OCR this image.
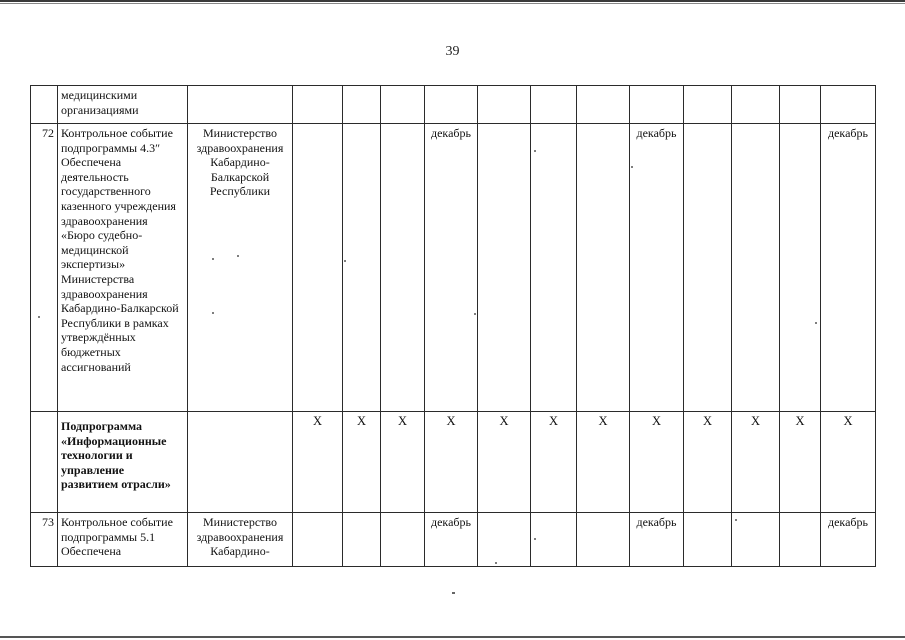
39
	медицинскими организациями													
72	Контрольное событие подпрограммы 4.3″ Обеспечена деятельность государственного казенного учреждения здравоохранения «Бюро судебно-медицинской экспертизы» Министерства здравоохранения Кабардино-Балкарской Республики в рамках утверждённых бюджетных ассигнований	Министерство здравоохранения Кабардино-Балкарской Республики				декабрь				декабрь				декабрь
	Подпрограмма «Информационные технологии и управление развитием отрасли»		Х	Х	Х	Х	Х	Х	Х	Х	Х	Х	Х	Х
73	Контрольное событие подпрограммы 5.1 Обеспечена	Министерство здравоохранения Кабардино-				декабрь				декабрь				декабрь
